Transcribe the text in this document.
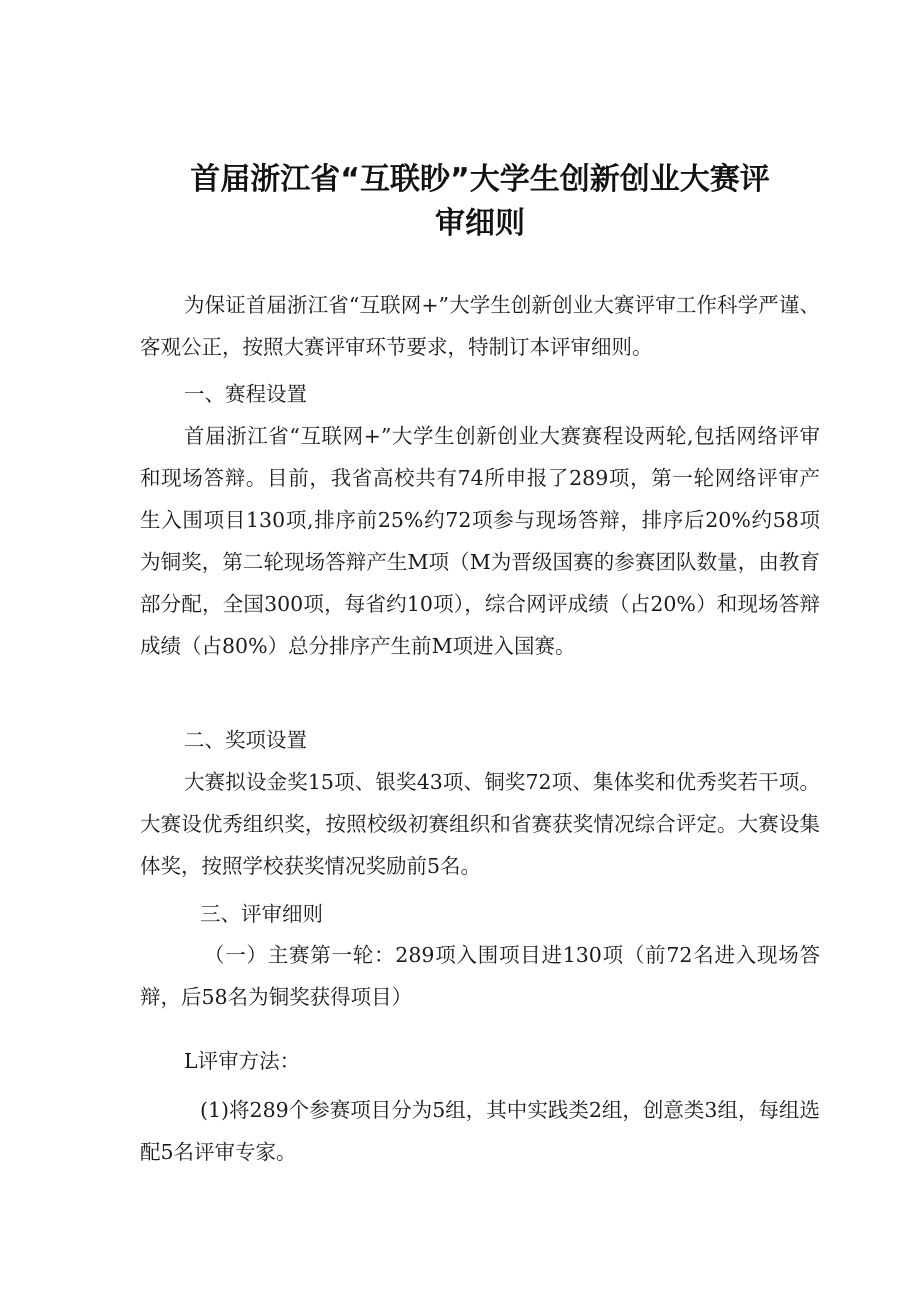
首届浙江省“互联眇”大学生创新创业大赛评
审细则

为保证首届浙江省“互联网+”大学生创新创业大赛评审工作科学严谨、客观公正，按照大赛评审环节要求，特制订本评审细则。

一、赛程设置

首届浙江省“互联网+”大学生创新创业大赛赛程设两轮,包括网络评审和现场答辩。目前，我省高校共有74所申报了289项，第一轮网络评审产生入围项目130项,排序前25%约72项参与现场答辩，排序后20%约58项为铜奖，第二轮现场答辩产生M项（M为晋级国赛的参赛团队数量，由教育部分配，全国300项，每省约10项），综合网评成绩（占20%）和现场答辩成绩（占80%）总分排序产生前M项进入国赛。

二、奖项设置

大赛拟设金奖15项、银奖43项、铜奖72项、集体奖和优秀奖若干项。大赛设优秀组织奖，按照校级初赛组织和省赛获奖情况综合评定。大赛设集体奖，按照学校获奖情况奖励前5名。

三、评审细则

（一）主赛第一轮：289项入围项目进130项（前72名进入现场答辩，后58名为铜奖获得项目）

L评审方法：

(1)将289个参赛项目分为5组，其中实践类2组，创意类3组，每组选配5名评审专家。
